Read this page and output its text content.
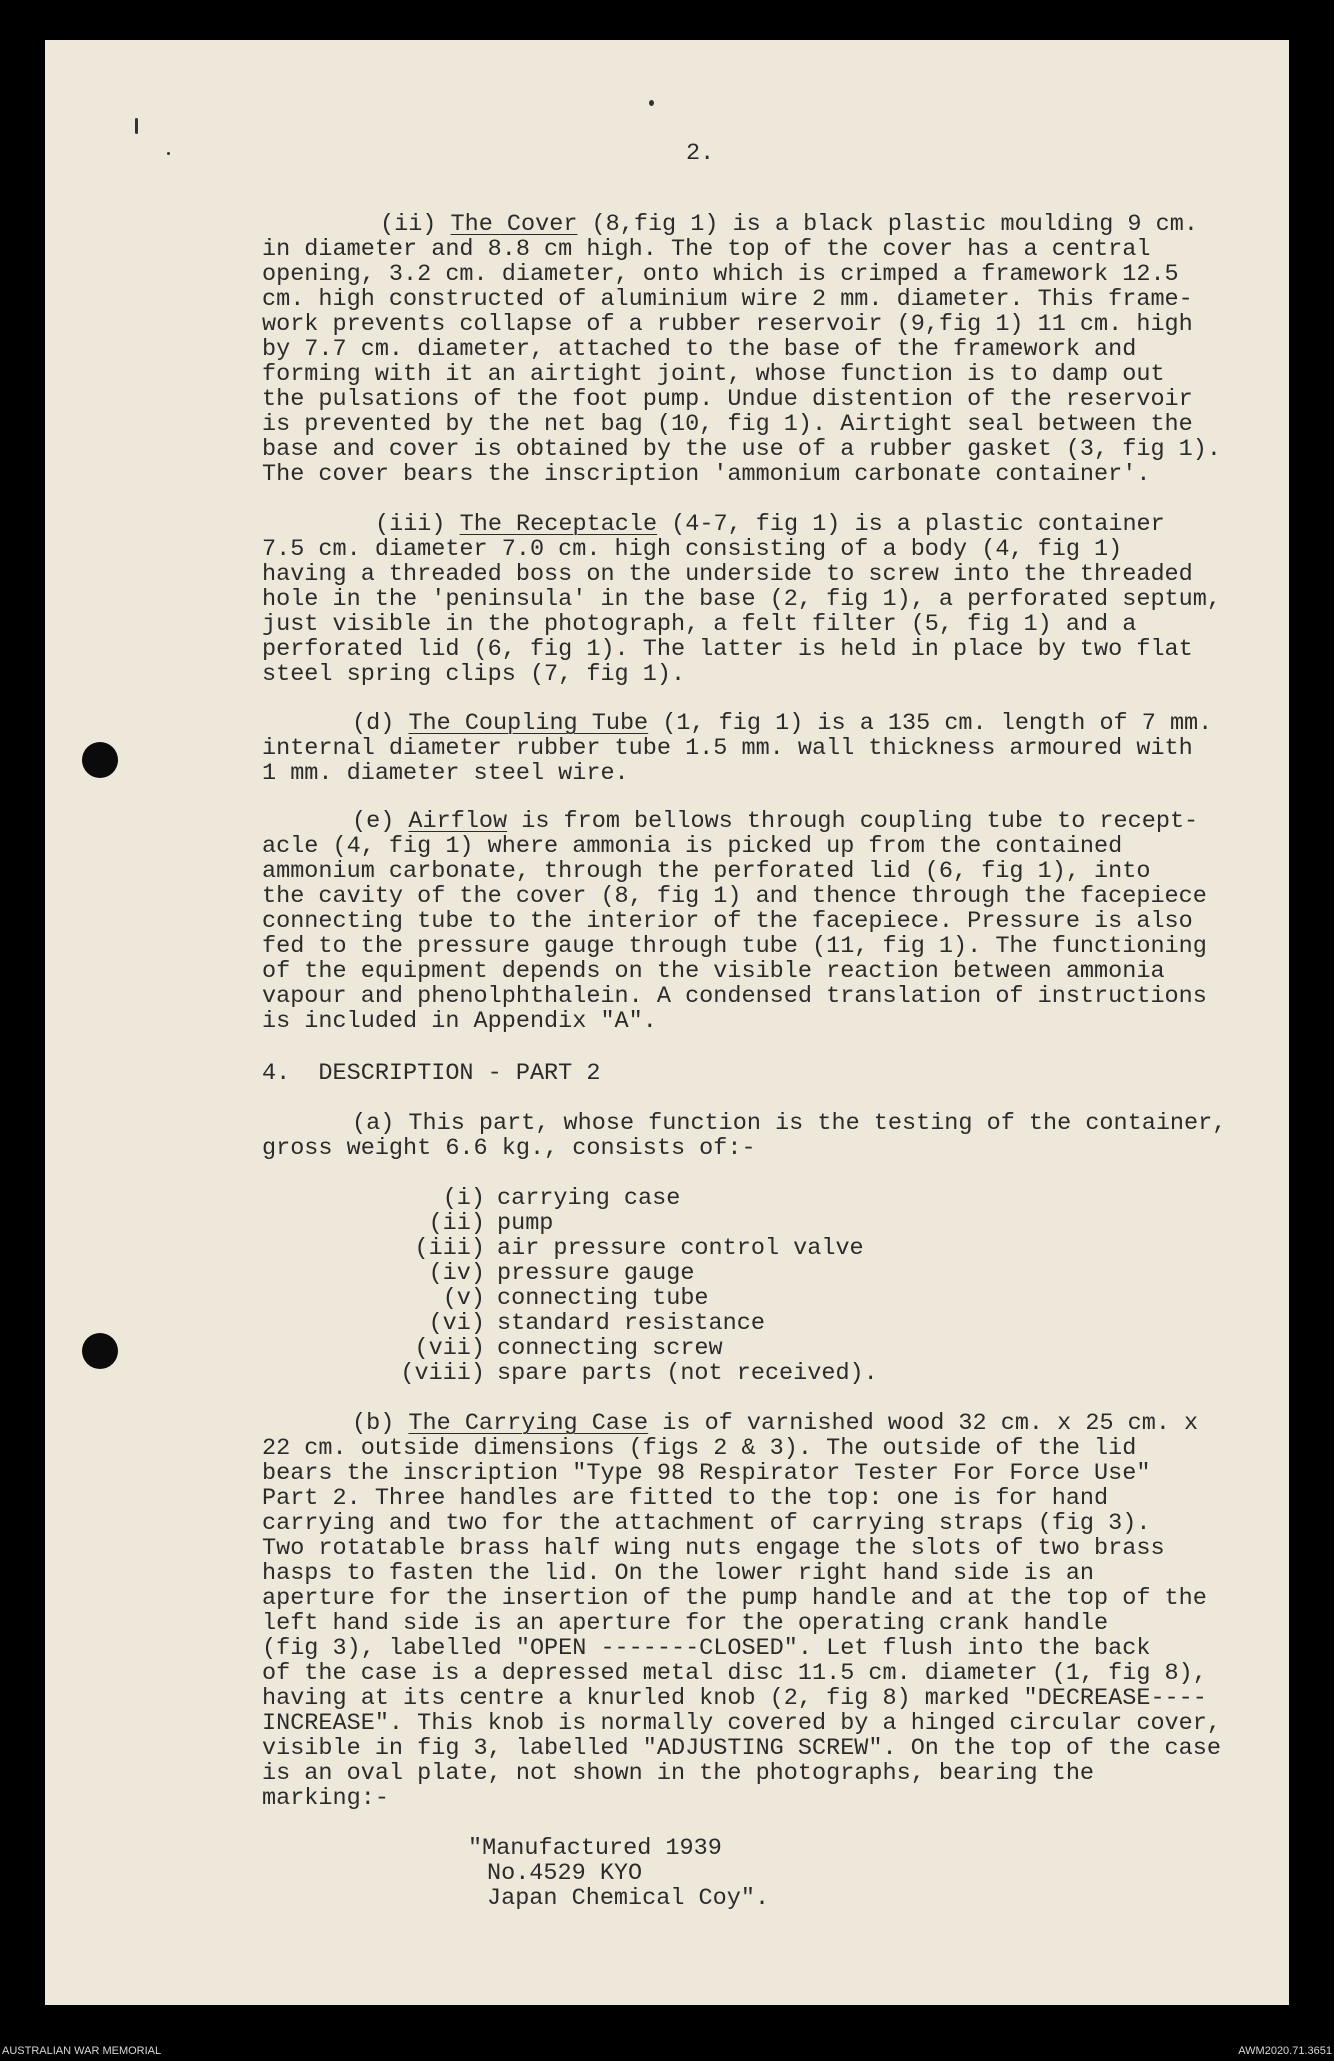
2.
(ii) The Cover (8,fig 1) is a black plastic moulding 9 cm.
in diameter and 8.8 cm high. The top of the cover has a central
opening, 3.2 cm. diameter, onto which is crimped a framework 12.5
cm. high constructed of aluminium wire 2 mm. diameter. This frame-
work prevents collapse of a rubber reservoir (9,fig 1) 11 cm. high
by 7.7 cm. diameter, attached to the base of the framework and
forming with it an airtight joint, whose function is to damp out
the pulsations of the foot pump. Undue distention of the reservoir
is prevented by the net bag (10, fig 1). Airtight seal between the
base and cover is obtained by the use of a rubber gasket (3, fig 1).
The cover bears the inscription 'ammonium carbonate container'.
(iii) The Receptacle (4-7, fig 1) is a plastic container
7.5 cm. diameter 7.0 cm. high consisting of a body (4, fig 1)
having a threaded boss on the underside to screw into the threaded
hole in the 'peninsula' in the base (2, fig 1), a perforated septum,
just visible in the photograph, a felt filter (5, fig 1) and a
perforated lid (6, fig 1). The latter is held in place by two flat
steel spring clips (7, fig 1).
(d) The Coupling Tube (1, fig 1) is a 135 cm. length of 7 mm.
internal diameter rubber tube 1.5 mm. wall thickness armoured with
1 mm. diameter steel wire.
(e) Airflow is from bellows through coupling tube to recept-
acle (4, fig 1) where ammonia is picked up from the contained
ammonium carbonate, through the perforated lid (6, fig 1), into
the cavity of the cover (8, fig 1) and thence through the facepiece
connecting tube to the interior of the facepiece. Pressure is also
fed to the pressure gauge through tube (11, fig 1). The functioning
of the equipment depends on the visible reaction between ammonia
vapour and phenolphthalein. A condensed translation of instructions
is included in Appendix "A".
4.  DESCRIPTION - PART 2
(a) This part, whose function is the testing of the container,
gross weight 6.6 kg., consists of:-
(i) carrying case
(ii) pump
(iii) air pressure control valve
(iv) pressure gauge
(v) connecting tube
(vi) standard resistance
(vii) connecting screw
(viii) spare parts (not received).
(b) The Carrying Case is of varnished wood 32 cm. x 25 cm. x
22 cm. outside dimensions (figs 2 & 3). The outside of the lid
bears the inscription "Type 98 Respirator Tester For Force Use"
Part 2. Three handles are fitted to the top: one is for hand
carrying and two for the attachment of carrying straps (fig 3).
Two rotatable brass half wing nuts engage the slots of two brass
hasps to fasten the lid. On the lower right hand side is an
aperture for the insertion of the pump handle and at the top of the
left hand side is an aperture for the operating crank handle
(fig 3), labelled "OPEN -------CLOSED". Let flush into the back
of the case is a depressed metal disc 11.5 cm. diameter (1, fig 8),
having at its centre a knurled knob (2, fig 8) marked "DECREASE----
INCREASE". This knob is normally covered by a hinged circular cover,
visible in fig 3, labelled "ADJUSTING SCREW". On the top of the case
is an oval plate, not shown in the photographs, bearing the
marking:-
"Manufactured 1939
No.4529 KYO
Japan Chemical Coy".
AUSTRALIAN WAR MEMORIAL	AWM2020.71.3651
